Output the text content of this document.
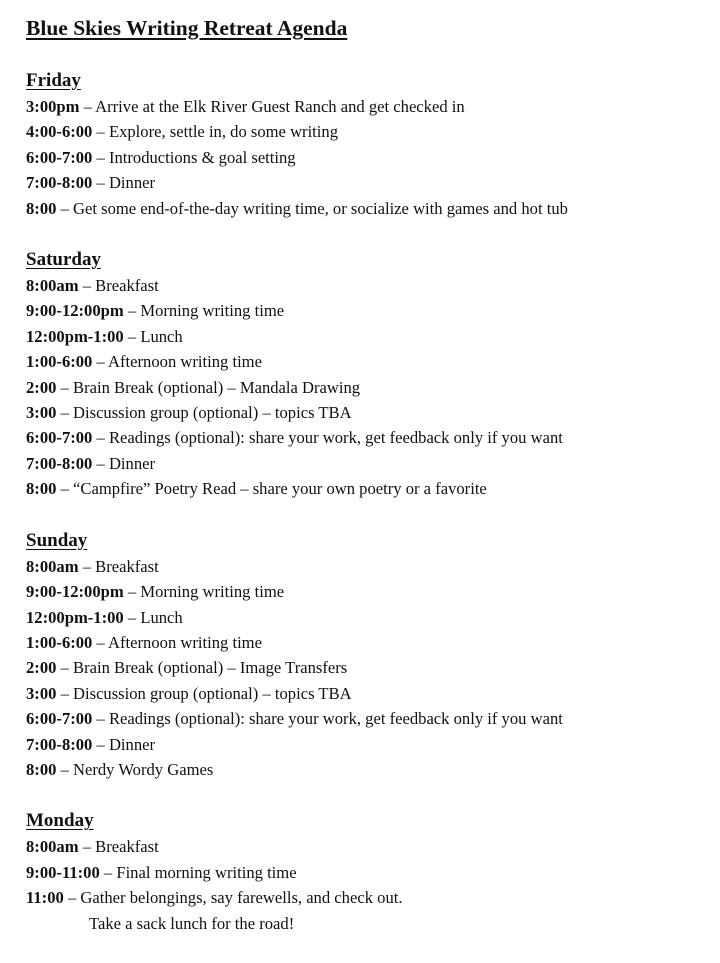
Blue Skies Writing Retreat Agenda
Friday

3:00pm – Arrive at the Elk River Guest Ranch and get checked in

4:00-6:00 – Explore, settle in, do some writing

6:00-7:00 – Introductions & goal setting

7:00-8:00 – Dinner

8:00 – Get some end-of-the-day writing time, or socialize with games and hot tub

Saturday

8:00am – Breakfast

9:00-12:00pm – Morning writing time

12:00pm-1:00 – Lunch

1:00-6:00 – Afternoon writing time

2:00 – Brain Break (optional) – Mandala Drawing

3:00 – Discussion group (optional) – topics TBA

6:00-7:00 – Readings (optional): share your work, get feedback only if you want

7:00-8:00 – Dinner

8:00 – “Campfire” Poetry Read – share your own poetry or a favorite

Sunday

8:00am – Breakfast

9:00-12:00pm – Morning writing time

12:00pm-1:00 – Lunch

1:00-6:00 – Afternoon writing time

2:00 – Brain Break (optional) – Image Transfers

3:00 – Discussion group (optional) – topics TBA

6:00-7:00 – Readings (optional): share your work, get feedback only if you want

7:00-8:00 – Dinner

8:00 – Nerdy Wordy Games

Monday

8:00am – Breakfast

9:00-11:00 – Final morning writing time

11:00 – Gather belongings, say farewells, and check out.

Take a sack lunch for the road!
